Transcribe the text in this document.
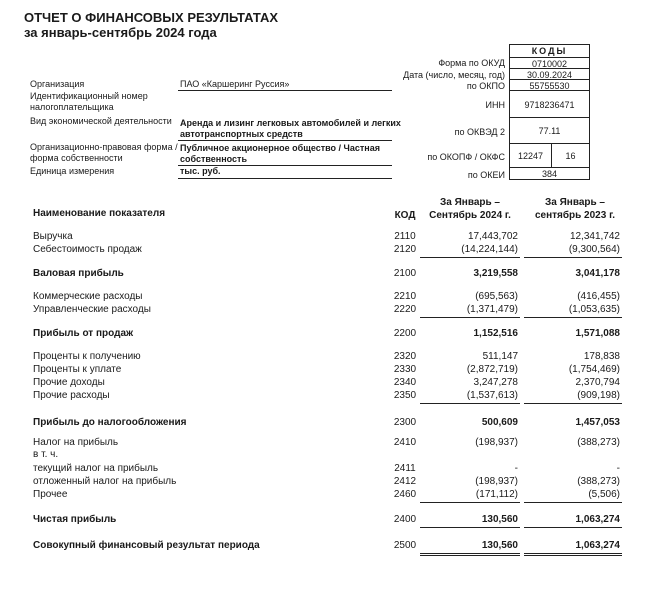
ОТЧЕТ О ФИНАНСОВЫХ РЕЗУЛЬТАТАХ
за январь-сентябрь 2024 года
КОДЫ
Форма по ОКУД	0710002
Дата (число, месяц, год)	30.09.2024
по ОКПО	55755530
ИНН	9718236471
по ОКВЭД 2	77.11
по ОКОПФ / ОКФС	12247	16
по ОКЕИ	384
Организация	ПАО «Каршеринг Руссия»
Идентификационный номер
налогоплательщика
Вид экономической деятельности Аренда и лизинг легковых автомобилей и легких
автотранспортных средств
Организационно-правовая форма /
форма собственности
Публичное акционерное общество / Частная
собственность
Единица измерения	тыс. руб.
Наименование показателя	КОД
За Январь –
Сентябрь 2024 г.
За Январь –
сентябрь 2023 г.
Выручка	2110	17,443,702	12,341,742
Себестоимость продаж	2120	(14,224,144)	(9,300,564)
Валовая прибыль	2100	3,219,558	3,041,178
Коммерческие расходы	2210	(695,563)	(416,455)
Управленческие расходы	2220	(1,371,479)	(1,053,635)
Прибыль от продаж	2200	1,152,516	1,571,088
Проценты к получению	2320	511,147	178,838
Проценты к уплате	2330	(2,872,719)	(1,754,469)
Прочие доходы	2340	3,247,278	2,370,794
Прочие расходы	2350	(1,537,613)	(909,198)
Прибыль до налогообложения	2300	500,609	1,457,053
Налог на прибыль	2410	(198,937)	(388,273)
в т. ч.
текущий налог на прибыль	2411	-	-
отложенный налог на прибыль	2412	(198,937)	(388,273)
Прочее	2460	(171,112)	(5,506)
Чистая прибыль	2400	130,560	1,063,274
Совокупный финансовый результат периода	2500	130,560	1,063,274
